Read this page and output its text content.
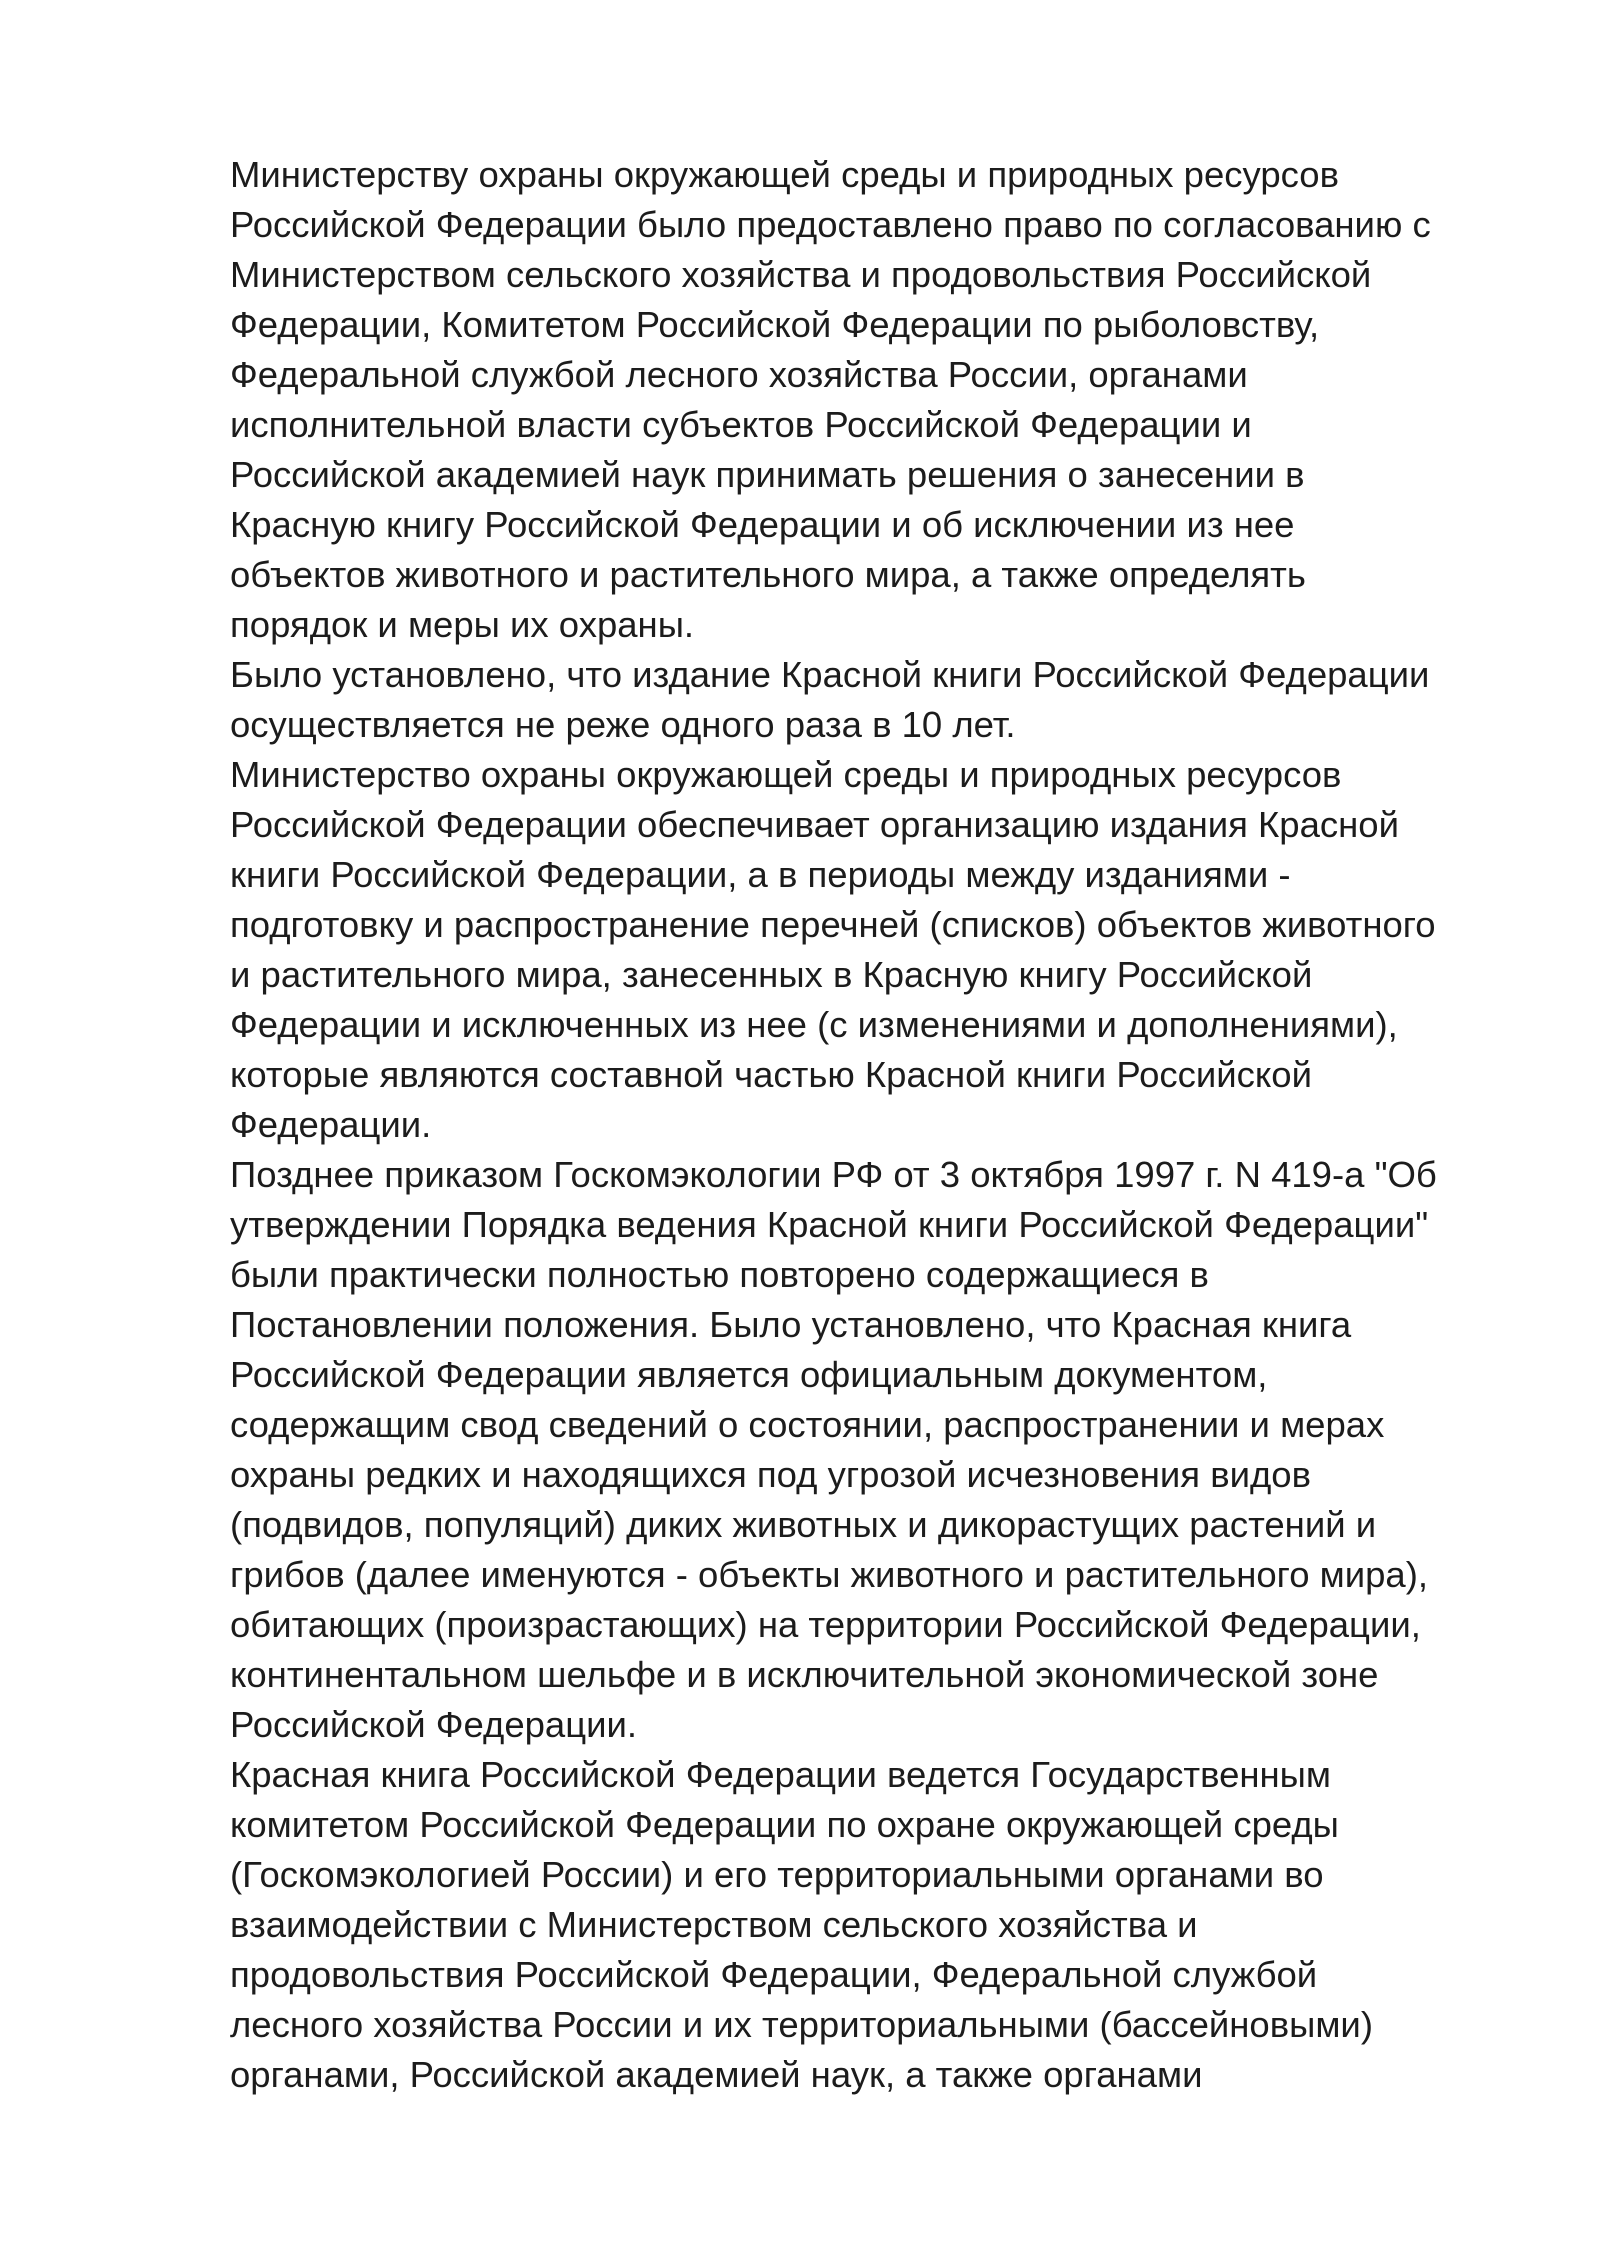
Министерству охраны окружающей среды и природных ресурсов
Российской Федерации было предоставлено право по согласованию с
Министерством сельского хозяйства и продовольствия Российской
Федерации, Комитетом Российской Федерации по рыболовству,
Федеральной службой лесного хозяйства России, органами
исполнительной власти субъектов Российской Федерации и
Российской академией наук принимать решения о занесении в
Красную книгу Российской Федерации и об исключении из нее
объектов животного и растительного мира, а также определять
порядок и меры их охраны.
Было установлено, что издание Красной книги Российской Федерации
осуществляется не реже одного раза в 10 лет.
Министерство охраны окружающей среды и природных ресурсов
Российской Федерации обеспечивает организацию издания Красной
книги Российской Федерации, а в периоды между изданиями -
подготовку и распространение перечней (списков) объектов животного
и растительного мира, занесенных в Красную книгу Российской
Федерации и исключенных из нее (с изменениями и дополнениями),
которые являются составной частью Красной книги Российской
Федерации.
Позднее приказом Госкомэкологии РФ от 3 октября 1997 г. N 419-а "Об
утверждении Порядка ведения Красной книги Российской Федерации"
были практически полностью повторено содержащиеся в
Постановлении положения. Было установлено, что Красная книга
Российской Федерации является официальным документом,
содержащим свод сведений о состоянии, распространении и мерах
охраны редких и находящихся под угрозой исчезновения видов
(подвидов, популяций) диких животных и дикорастущих растений и
грибов (далее именуются - объекты животного и растительного мира),
обитающих (произрастающих) на территории Российской Федерации,
континентальном шельфе и в исключительной экономической зоне
Российской Федерации.
Красная книга Российской Федерации ведется Государственным
комитетом Российской Федерации по охране окружающей среды
(Госкомэкологией России) и его территориальными органами во
взаимодействии с Министерством сельского хозяйства и
продовольствия Российской Федерации, Федеральной службой
лесного хозяйства России и их территориальными (бассейновыми)
органами, Российской академией наук, а также органами
